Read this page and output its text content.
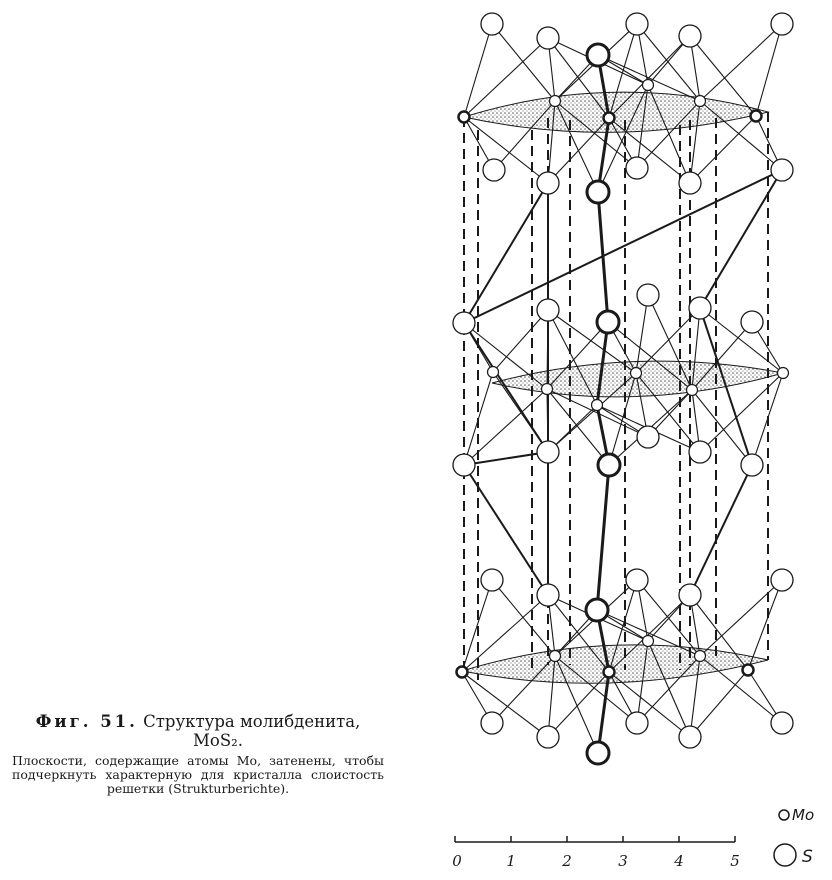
0	1	2	3	4	5
Mo
S
Фиг. 51. Структура молибденита,
MoS₂.
Плоскости, содержащие атомы Mo, затенены, чтобы подчеркнуть характерную для кристалла слоистость решетки (Strukturberichte).
